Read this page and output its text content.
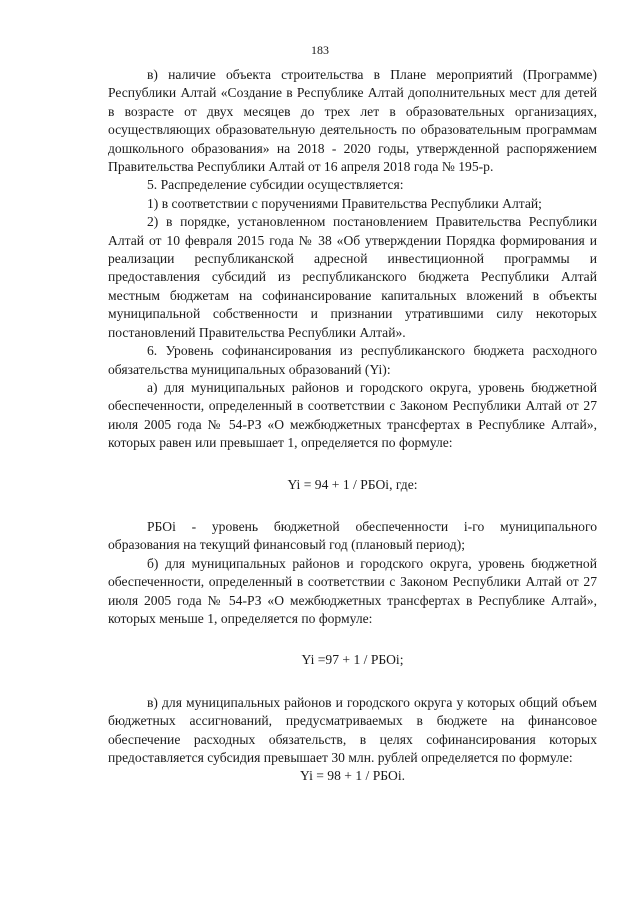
183

в) наличие объекта строительства в Плане мероприятий (Программе) Республики Алтай «Создание в Республике Алтай дополнительных мест для детей в возрасте от двух месяцев до трех лет в образовательных организациях, осуществляющих образовательную деятельность по образовательным программам дошкольного образования» на 2018 - 2020 годы, утвержденной распоряжением Правительства Республики Алтай от 16 апреля 2018 года № 195-р.

5. Распределение субсидии осуществляется:

1) в соответствии с поручениями Правительства Республики Алтай;

2) в порядке, установленном постановлением Правительства Республики Алтай от 10 февраля 2015 года № 38 «Об утверждении Порядка формирования и реализации республиканской адресной инвестиционной программы и предоставления субсидий из республиканского бюджета Республики Алтай местным бюджетам на софинансирование капитальных вложений в объекты муниципальной собственности и признании утратившими силу некоторых постановлений Правительства Республики Алтай».

6. Уровень софинансирования из республиканского бюджета расходного обязательства муниципальных образований (Yi):

а) для муниципальных районов и городского округа, уровень бюджетной обеспеченности, определенный в соответствии с Законом Республики Алтай от 27 июля 2005 года № 54-РЗ «О межбюджетных трансфертах в Республике Алтай», которых равен или превышает 1, определяется по формуле:

Yi = 94 + 1 / РБОi, где:

РБОi - уровень бюджетной обеспеченности i-го муниципального образования на текущий финансовый год (плановый период);

б) для муниципальных районов и городского округа, уровень бюджетной обеспеченности, определенный в соответствии с Законом Республики Алтай от 27 июля 2005 года № 54-РЗ «О межбюджетных трансфертах в Республике Алтай», которых меньше 1, определяется по формуле:

Yi =97 + 1 / РБОi;

в) для муниципальных районов и городского округа у которых общий объем бюджетных ассигнований, предусматриваемых в бюджете на финансовое обеспечение расходных обязательств, в целях софинансирования которых предоставляется субсидия превышает 30 млн. рублей определяется по формуле:

Yi = 98 + 1 / РБОi.
